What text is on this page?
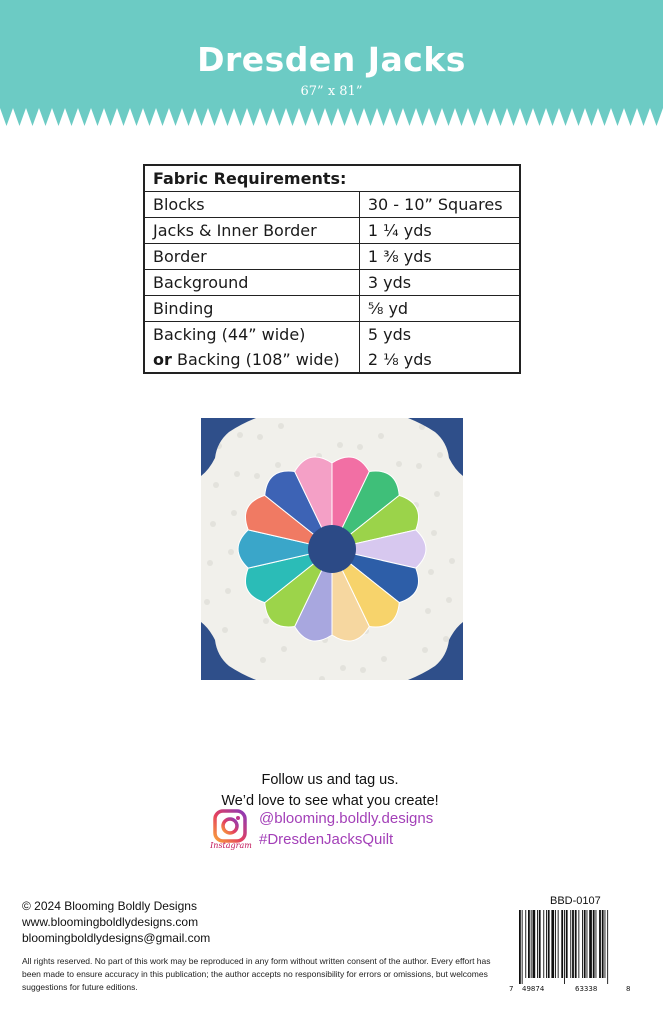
Dresden Jacks
67” x 81”
Fabric Requirements:	
Blocks	30 - 10” Squares
Jacks & Inner Border	1 ¼ yds
Border	1 ⅜ yds
Background	3 yds
Binding	⅝ yd
Backing (44” wide)	5 yds
or Backing (108” wide)	2 ⅛ yds
Follow us and tag us.
We’d love to see what you create!
Instagram
@blooming.boldly.designs
#DresdenJacksQuilt
© 2024 Blooming Boldly Designs
www.bloomingboldlydesigns.com
bloomingboldlydesigns@gmail.com
All rights reserved. No part of this work may be reproduced in any form without written consent of the author. Every effort has been made to ensure accuracy in this publication; the author accepts no responsibility for errors or omissions, but welcomes suggestions for future editions.
BBD-0107
7 49874	63338	8
